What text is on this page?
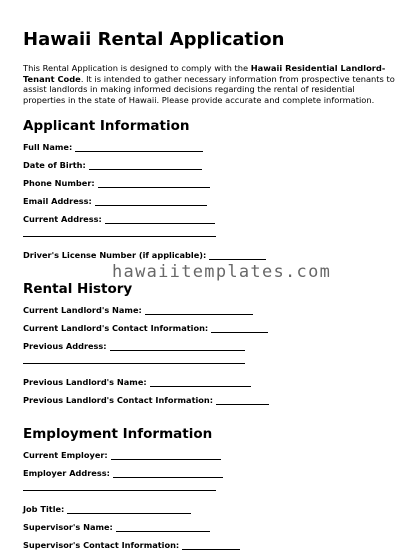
Hawaii Rental Application

This Rental Application is designed to comply with the Hawaii Residential Landlord-Tenant Code. It is intended to gather necessary information from prospective tenants to assist landlords in making informed decisions regarding the rental of residential properties in the state of Hawaii. Please provide accurate and complete information.

Applicant Information
Full Name:
Date of Birth:
Phone Number:
Email Address:
Current Address:
Driver's License Number (if applicable):
Rental History
Current Landlord's Name:
Current Landlord's Contact Information:
Previous Address:
Previous Landlord's Name:
Previous Landlord's Contact Information:
Employment Information
Current Employer:
Employer Address:
Job Title:
Supervisor's Name:
Supervisor's Contact Information:
hawaiitemplates.com
